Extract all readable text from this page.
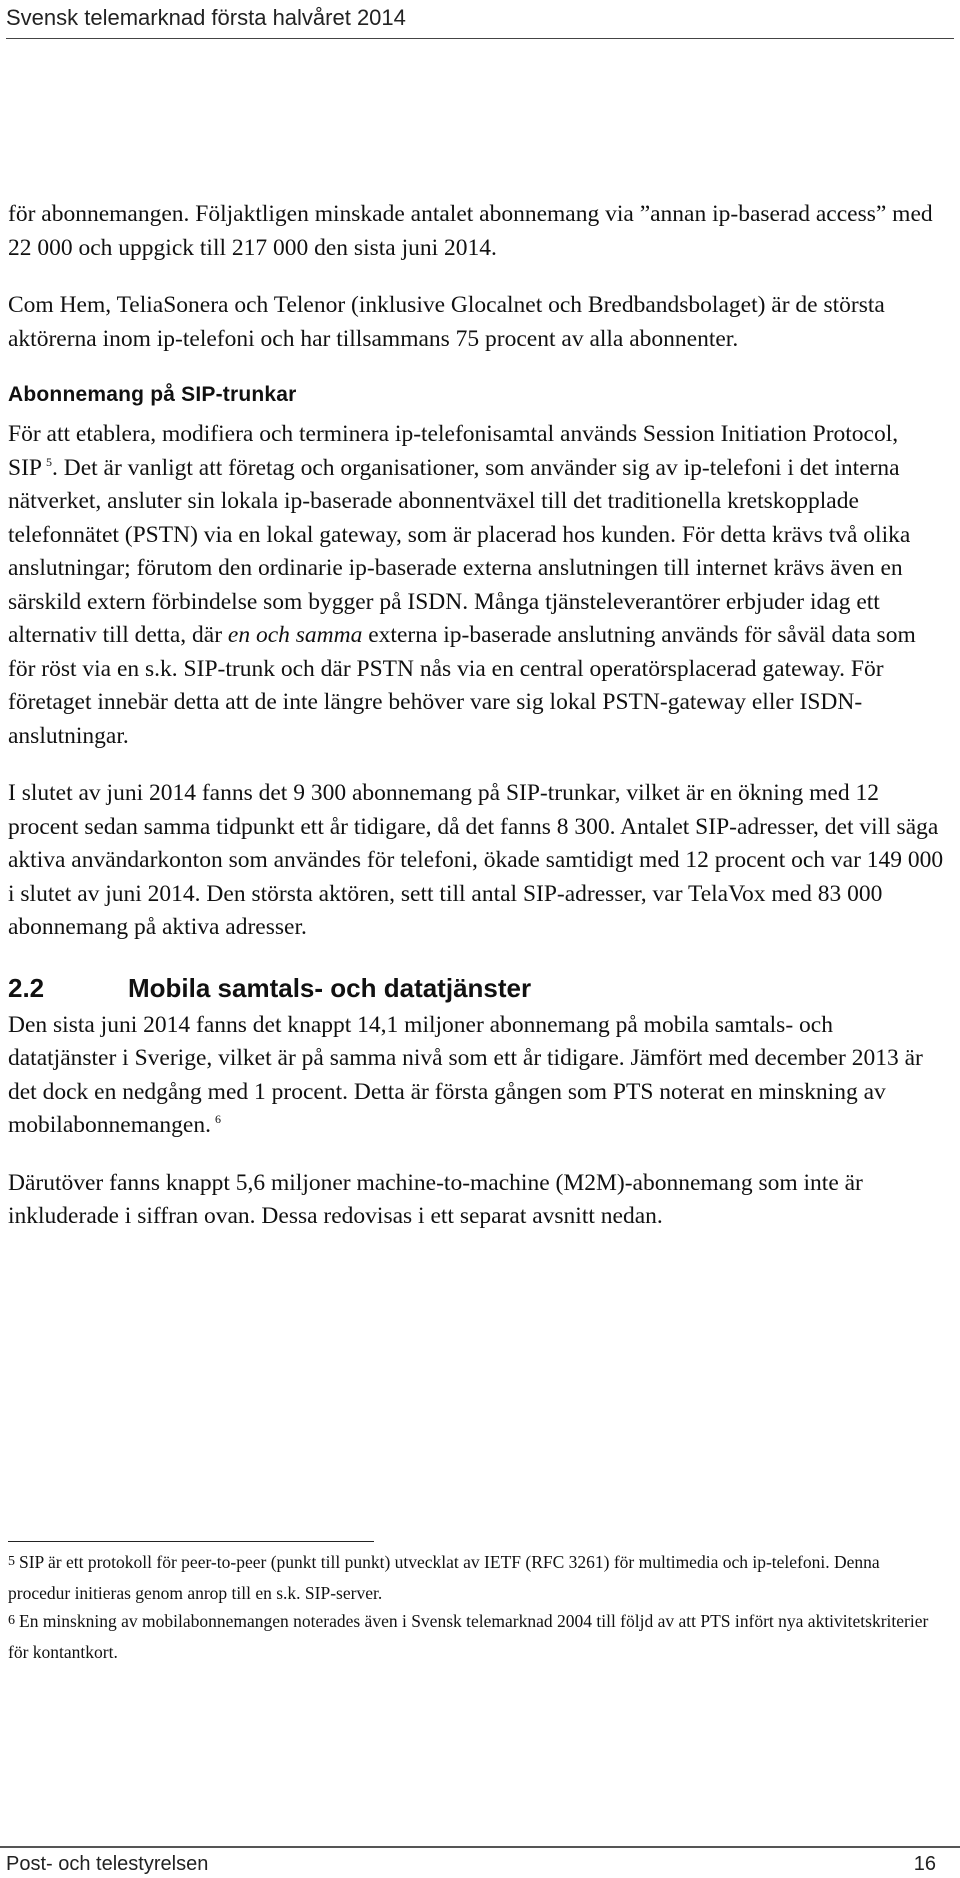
Svensk telemarknad första halvåret 2014

för abonnemangen. Följaktligen minskade antalet abonnemang via ”annan ip-baserad access” med 22 000 och uppgick till 217 000 den sista juni 2014.

Com Hem, TeliaSonera och Telenor (inklusive Glocalnet och Bredbandsbolaget) är de största aktörerna inom ip-telefoni och har tillsammans 75 procent av alla abonnenter.

Abonnemang på SIP-trunkar

För att etablera, modifiera och terminera ip-telefonisamtal används Session Initiation Protocol, SIP $^5$. Det är vanligt att företag och organisationer, som använder sig av ip-telefoni i det interna nätverket, ansluter sin lokala ip-baserade abonnentväxel till det traditionella kretskopplade telefonnätet (PSTN) via en lokal gateway, som är placerad hos kunden. För detta krävs två olika anslutningar; förutom den ordinarie ip-baserade externa anslutningen till internet krävs även en särskild extern förbindelse som bygger på ISDN. Många tjänsteleverantörer erbjuder idag ett alternativ till detta, där en och samma externa ip-baserade anslutning används för såväl data som för röst via en s.k. SIP-trunk och där PSTN nås via en central operatörsplacerad gateway. För företaget innebär detta att de inte längre behöver vare sig lokal PSTN-gateway eller ISDN-anslutningar.

I slutet av juni 2014 fanns det 9 300 abonnemang på SIP-trunkar, vilket är en ökning med 12 procent sedan samma tidpunkt ett år tidigare, då det fanns 8 300. Antalet SIP-adresser, det vill säga aktiva användarkonton som användes för telefoni, ökade samtidigt med 12 procent och var 149 000 i slutet av juni 2014. Den största aktören, sett till antal SIP-adresser, var TelaVox med 83 000 abonnemang på aktiva adresser.

2.2	Mobila samtals- och datatjänster

Den sista juni 2014 fanns det knappt 14,1 miljoner abonnemang på mobila samtals- och datatjänster i Sverige, vilket är på samma nivå som ett år tidigare. Jämfört med december 2013 är det dock en nedgång med 1 procent. Detta är första gången som PTS noterat en minskning av mobilabonnemangen. $^6$

Därutöver fanns knappt 5,6 miljoner machine-to-machine (M2M)-abonnemang som inte är inkluderade i siffran ovan. Dessa redovisas i ett separat avsnitt nedan.

5 SIP är ett protokoll för peer-to-peer (punkt till punkt) utvecklat av IETF (RFC 3261) för multimedia och ip-telefoni. Denna procedur initieras genom anrop till en s.k. SIP-server.

6 En minskning av mobilabonnemangen noterades även i Svensk telemarknad 2004 till följd av att PTS infört nya aktivitetskriterier för kontantkort.

Post- och telestyrelsen	16
